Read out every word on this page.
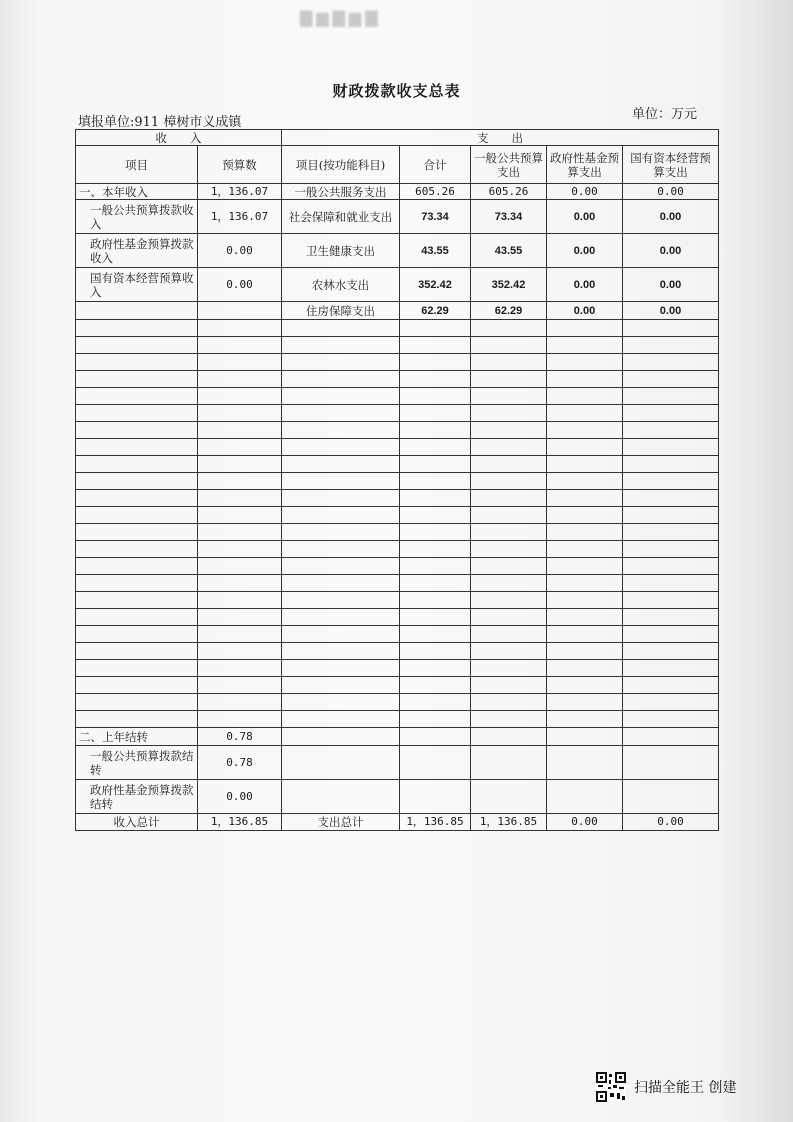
▇▆▇▆▇
财政拨款收支总表
填报单位:911 樟树市义成镇
单位：万元
收　　入		支　　出				
项目	预算数	项目(按功能科目)	合计	一般公共预算支出	政府性基金预算支出	国有资本经营预算支出
一、本年收入	1，136.07	一般公共服务支出	605.26	605.26	0.00	0.00
一般公共预算拨款收入	1，136.07	社会保障和就业支出	73.34	73.34	0.00	0.00
政府性基金预算拨款收入	0.00	卫生健康支出	43.55	43.55	0.00	0.00
国有资本经营预算收入	0.00	农林水支出	352.42	352.42	0.00	0.00
		住房保障支出	62.29	62.29	0.00	0.00

二、上年结转	0.78					
一般公共预算拨款结转	0.78					
政府性基金预算拨款结转	0.00					
收入总计	1，136.85	支出总计	1，136.85	1，136.85	0.00	0.00
扫描全能王 创建
